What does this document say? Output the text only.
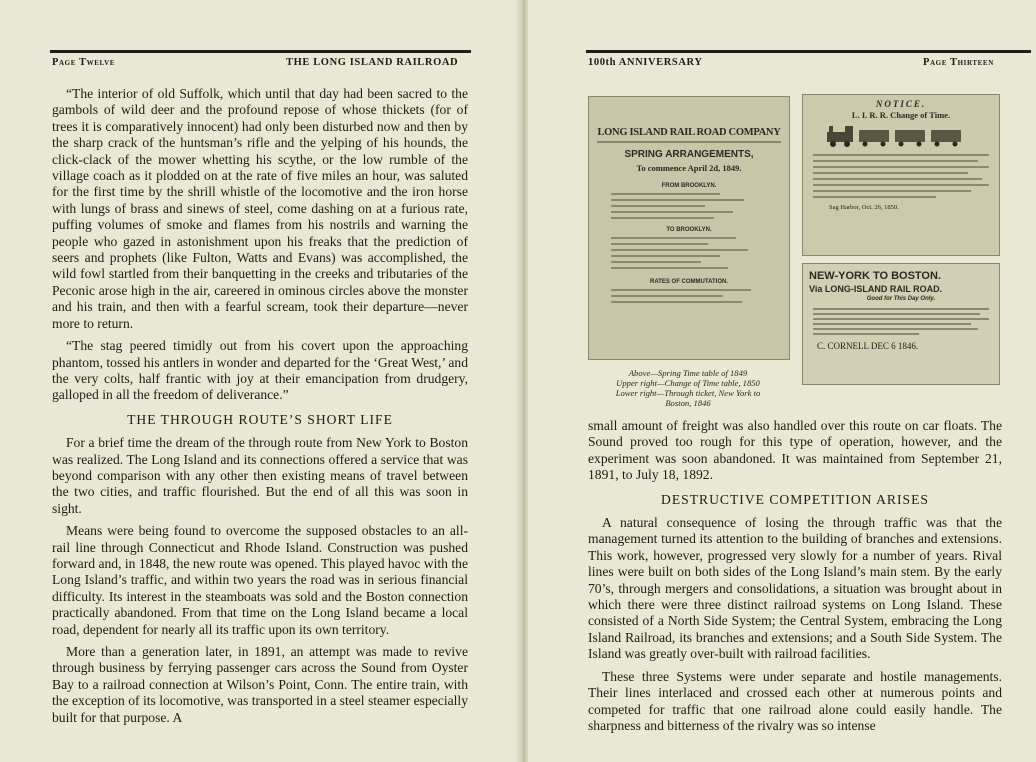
Page Twelve	THE LONG ISLAND RAILROAD

“The interior of old Suffolk, which until that day had been sacred to the gambols of wild deer and the profound repose of whose thickets (for of trees it is comparatively innocent) had only been disturbed now and then by the sharp crack of the huntsman’s rifle and the yelping of his hounds, the click-clack of the mower whetting his scythe, or the low rumble of the village coach as it plodded on at the rate of five miles an hour, was saluted for the first time by the shrill whistle of the locomotive and the iron horse with lungs of brass and sinews of steel, come dashing on at a furious rate, puffing volumes of smoke and flames from his nostrils and warning the people who gazed in astonishment upon his freaks that the prediction of seers and prophets (like Fulton, Watts and Evans) was accomplished, the wild fowl startled from their banquetting in the creeks and tributaries of the Peconic arose high in the air, careered in ominous circles above the monster and his train, and then with a fearful scream, took their departure—never more to return.

“The stag peered timidly out from his covert upon the approaching phantom, tossed his antlers in wonder and departed for the ‘Great West,’ and the very colts, half frantic with joy at their emancipation from drudgery, galloped in all the freedom of deliverance.”

THE THROUGH ROUTE’S SHORT LIFE

For a brief time the dream of the through route from New York to Boston was realized. The Long Island and its connections offered a service that was beyond comparison with any other then existing means of travel between the two cities, and traffic flourished. But the end of all this was soon in sight.

Means were being found to overcome the supposed obstacles to an all-rail line through Connecticut and Rhode Island. Construction was pushed forward and, in 1848, the new route was opened. This played havoc with the Long Island’s traffic, and within two years the road was in serious financial difficulty. Its interest in the steamboats was sold and the Boston connection practically abandoned. From that time on the Long Island became a local road, dependent for nearly all its traffic upon its own territory.

More than a generation later, in 1891, an attempt was made to revive through business by ferrying passenger cars across the Sound from Oyster Bay to a railroad connection at Wilson’s Point, Conn. The entire train, with the exception of its locomotive, was transported in a steel steamer especially built for that purpose. A

100th ANNIVERSARY	Page Thirteen
LONG ISLAND RAIL ROAD COMPANY
SPRING ARRANGEMENTS,
To commence April 2d, 1849.
FROM BROOKLYN.
TO BROOKLYN.
RATES OF COMMUTATION.
NOTICE.
L. I. R. R. Change of Time.
Sag Harbor, Oct. 26, 1850.
NEW-YORK TO BOSTON.
Via LONG-ISLAND RAIL ROAD.
Good for This Day Only.
C. CORNELL DEC 6 1846.
Above—Spring Time table of 1849
Upper right—Change of Time table, 1850
Lower right—Through ticket, New York to
Boston, 1846

small amount of freight was also handled over this route on car floats. The Sound proved too rough for this type of operation, however, and the experiment was soon abandoned. It was maintained from September 21, 1891, to July 18, 1892.

DESTRUCTIVE COMPETITION ARISES

A natural consequence of losing the through traffic was that the management turned its attention to the building of branches and extensions. This work, however, progressed very slowly for a number of years. Rival lines were built on both sides of the Long Island’s main stem. By the early 70’s, through mergers and consolidations, a situation was brought about in which there were three distinct railroad systems on Long Island. These consisted of a North Side System; the Central System, embracing the Long Island Railroad, its branches and extensions; and a South Side System. The Island was greatly over-built with railroad facilities.

These three Systems were under separate and hostile managements. Their lines interlaced and crossed each other at numerous points and competed for traffic that one railroad alone could easily handle. The sharpness and bitterness of the rivalry was so intense
